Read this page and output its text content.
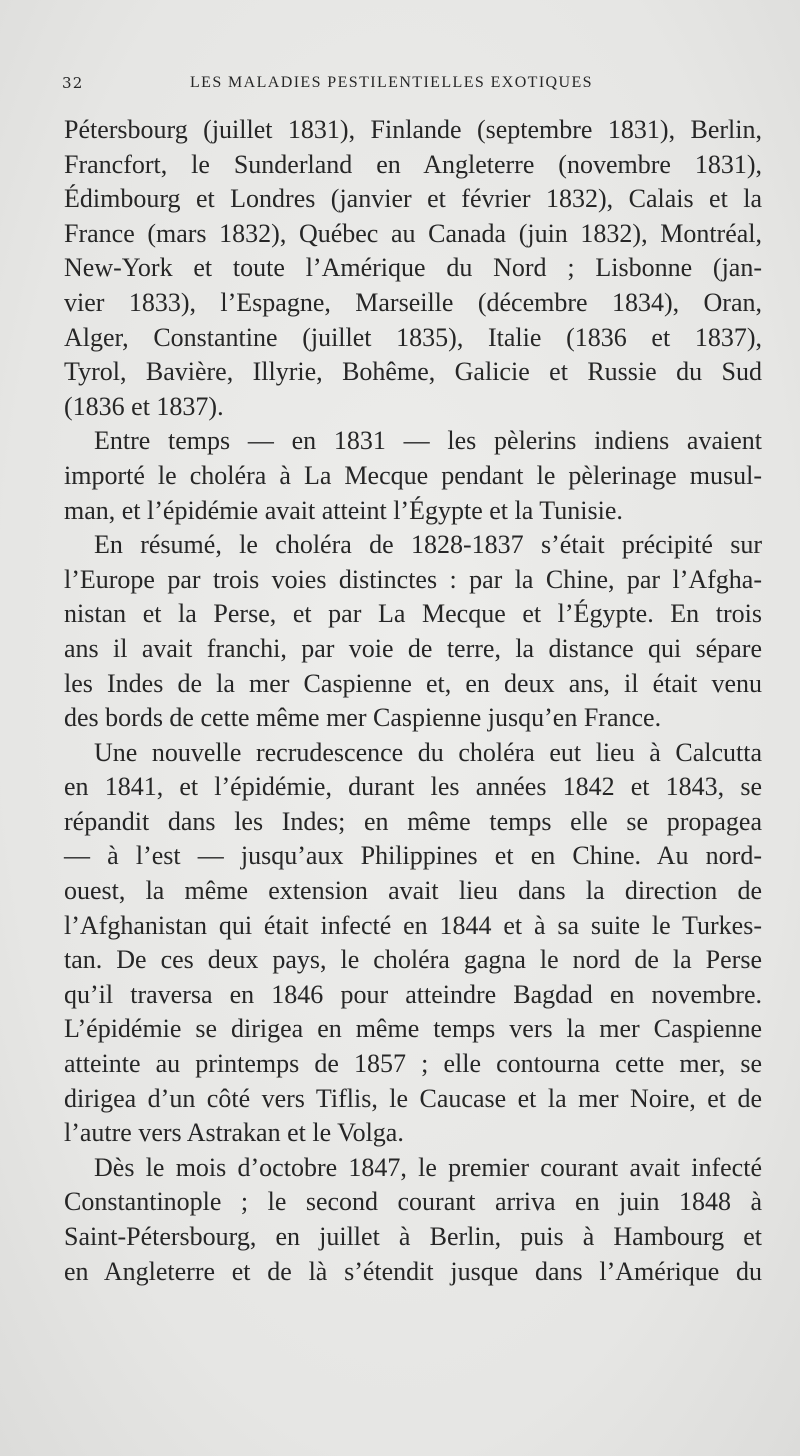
32	LES MALADIES PESTILENTIELLES EXOTIQUES
Pétersbourg (juillet 1831), Finlande (septembre 1831), Berlin,
Francfort, le Sunderland en Angleterre (novembre 1831),
Édimbourg et Londres (janvier et février 1832), Calais et la
France (mars 1832), Québec au Canada (juin 1832), Montréal,
New-York et toute l’Amérique du Nord ; Lisbonne (jan-
vier 1833), l’Espagne, Marseille (décembre 1834), Oran,
Alger, Constantine (juillet 1835), Italie (1836 et 1837),
Tyrol, Bavière, Illyrie, Bohême, Galicie et Russie du Sud
(1836 et 1837).
Entre temps — en 1831 — les pèlerins indiens avaient
importé le choléra à La Mecque pendant le pèlerinage musul-
man, et l’épidémie avait atteint l’Égypte et la Tunisie.
En résumé, le choléra de 1828-1837 s’était précipité sur
l’Europe par trois voies distinctes : par la Chine, par l’Afgha-
nistan et la Perse, et par La Mecque et l’Égypte. En trois
ans il avait franchi, par voie de terre, la distance qui sépare
les Indes de la mer Caspienne et, en deux ans, il était venu
des bords de cette même mer Caspienne jusqu’en France.
Une nouvelle recrudescence du choléra eut lieu à Calcutta
en 1841, et l’épidémie, durant les années 1842 et 1843, se
répandit dans les Indes; en même temps elle se propagea
— à l’est — jusqu’aux Philippines et en Chine. Au nord-
ouest, la même extension avait lieu dans la direction de
l’Afghanistan qui était infecté en 1844 et à sa suite le Turkes-
tan. De ces deux pays, le choléra gagna le nord de la Perse
qu’il traversa en 1846 pour atteindre Bagdad en novembre.
L’épidémie se dirigea en même temps vers la mer Caspienne
atteinte au printemps de 1857 ; elle contourna cette mer, se
dirigea d’un côté vers Tiflis, le Caucase et la mer Noire, et de
l’autre vers Astrakan et le Volga.
Dès le mois d’octobre 1847, le premier courant avait infecté
Constantinople ; le second courant arriva en juin 1848 à
Saint-Pétersbourg, en juillet à Berlin, puis à Hambourg et
en Angleterre et de là s’étendit jusque dans l’Amérique du
